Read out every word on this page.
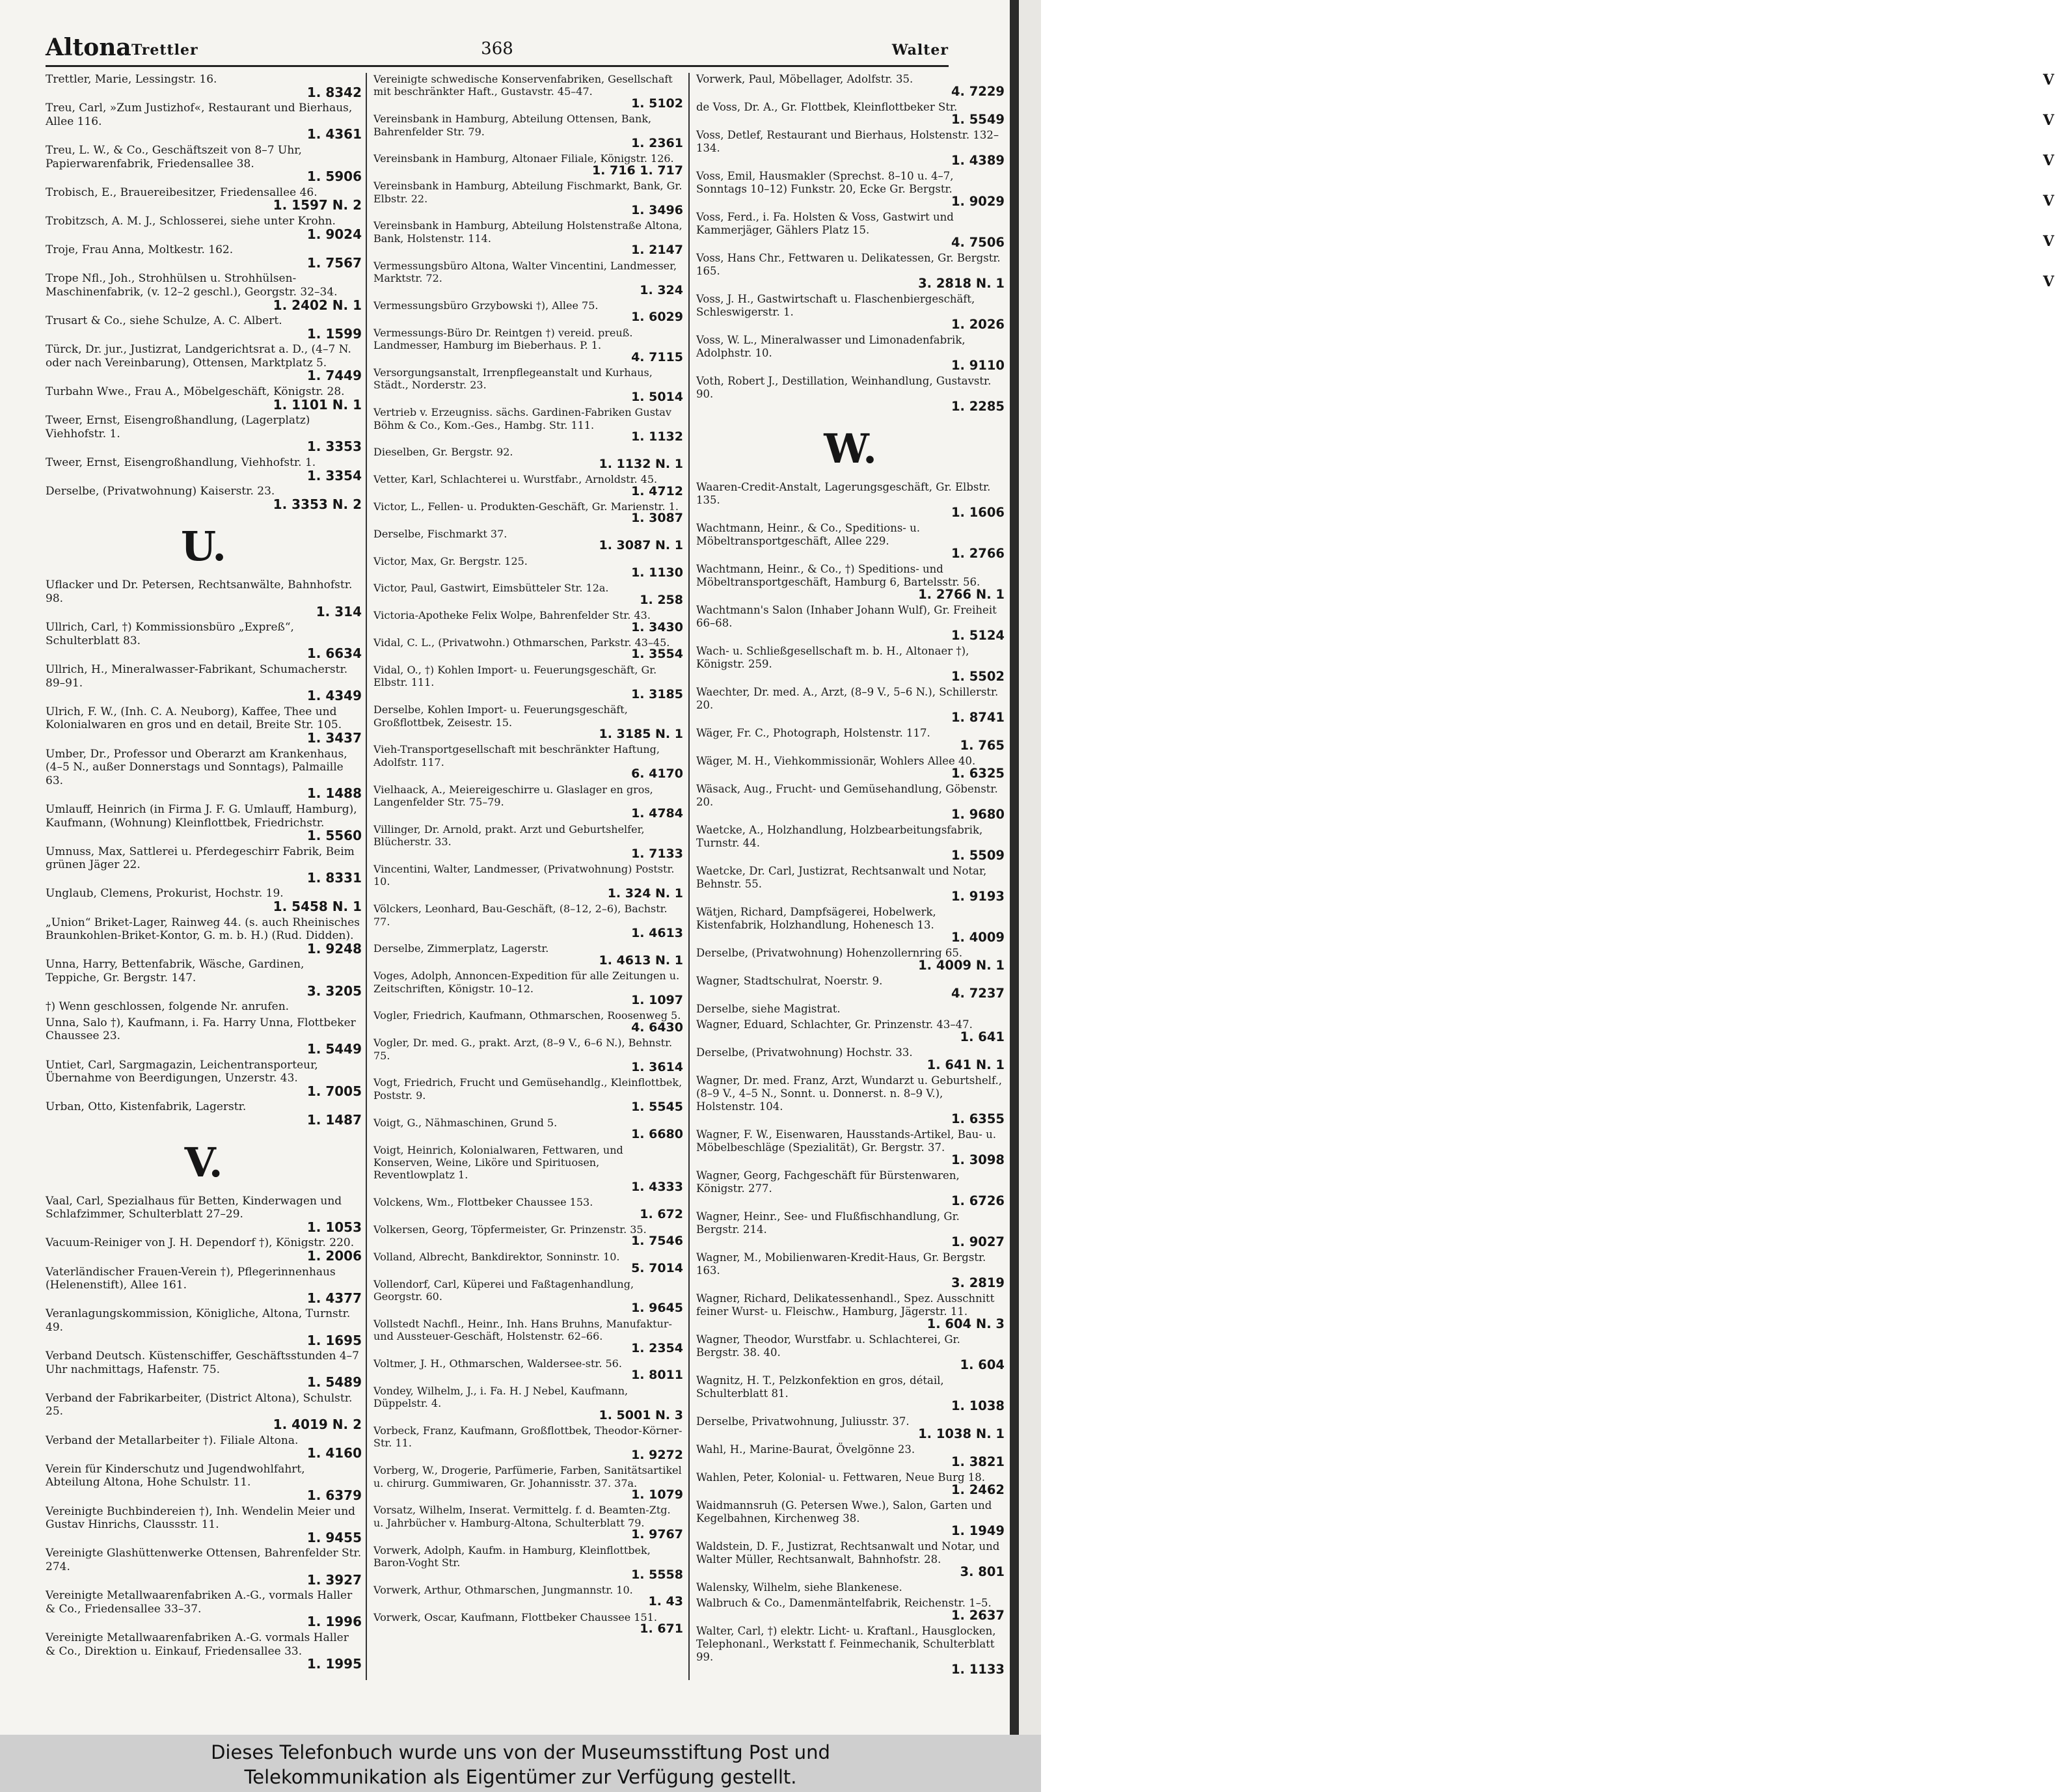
V
V
V
V
V
V
Altona Trettler	368	Walter
Trettler, Marie, Lessingstr. 16.
1. 8342
Treu, Carl, »Zum Justizhof«, Restaurant und Bierhaus, Allee 116.
1. 4361
Treu, L. W., & Co., Geschäftszeit von 8–7 Uhr, Papierwarenfabrik, Friedensallee 38.
1. 5906
Trobisch, E., Brauereibesitzer, Friedensallee 46.
1. 1597 N. 2
Trobitzsch, A. M. J., Schlosserei, siehe unter Krohn.
1. 9024
Troje, Frau Anna, Moltkestr. 162.
1. 7567
Trope Nfl., Joh., Strohhülsen u. Strohhülsen-Maschinenfabrik, (v. 12–2 geschl.), Georgstr. 32–34.
1. 2402 N. 1
Trusart & Co., siehe Schulze, A. C. Albert.
1. 1599
Türck, Dr. jur., Justizrat, Landgerichtsrat a. D., (4–7 N. oder nach Vereinbarung), Ottensen, Marktplatz 5.
1. 7449
Turbahn Wwe., Frau A., Möbelgeschäft, Königstr. 28.
1. 1101 N. 1
Tweer, Ernst, Eisengroßhandlung, (Lagerplatz) Viehhofstr. 1.
1. 3353
Tweer, Ernst, Eisengroßhandlung, Viehhofstr. 1.
1. 3354
Derselbe, (Privatwohnung) Kaiserstr. 23.
1. 3353 N. 2
U.
Uflacker und Dr. Petersen, Rechtsanwälte, Bahnhofstr. 98.
1. 314
Ullrich, Carl, †) Kommissionsbüro „Expreß“, Schulterblatt 83.
1. 6634
Ullrich, H., Mineralwasser-Fabrikant, Schumacherstr. 89–91.
1. 4349
Ulrich, F. W., (Inh. C. A. Neuborg), Kaffee, Thee und Kolonialwaren en gros und en detail, Breite Str. 105.
1. 3437
Umber, Dr., Professor und Oberarzt am Krankenhaus, (4–5 N., außer Donnerstags und Sonntags), Palmaille 63.
1. 1488
Umlauff, Heinrich (in Firma J. F. G. Umlauff, Hamburg), Kaufmann, (Wohnung) Kleinflottbek, Friedrichstr.
1. 5560
Umnuss, Max, Sattlerei u. Pferdegeschirr Fabrik, Beim grünen Jäger 22.
1. 8331
Unglaub, Clemens, Prokurist, Hochstr. 19.
1. 5458 N. 1
„Union“ Briket-Lager, Rainweg 44. (s. auch Rheinisches Braunkohlen-Briket-Kontor, G. m. b. H.) (Rud. Didden).
1. 9248
Unna, Harry, Bettenfabrik, Wäsche, Gardinen, Teppiche, Gr. Bergstr. 147.
3. 3205
†) Wenn geschlossen, folgende Nr. anrufen.
Unna, Salo †), Kaufmann, i. Fa. Harry Unna, Flottbeker Chaussee 23.
1. 5449
Untiet, Carl, Sargmagazin, Leichentransporteur, Übernahme von Beerdigungen, Unzerstr. 43.
1. 7005
Urban, Otto, Kistenfabrik, Lagerstr.
1. 1487
V.
Vaal, Carl, Spezialhaus für Betten, Kinderwagen und Schlafzimmer, Schulterblatt 27–29.
1. 1053
Vacuum-Reiniger von J. H. Dependorf †), Königstr. 220.
1. 2006
Vaterländischer Frauen-Verein †), Pflegerinnenhaus (Helenenstift), Allee 161.
1. 4377
Veranlagungskommission, Königliche, Altona, Turnstr. 49.
1. 1695
Verband Deutsch. Küstenschiffer, Geschäftsstunden 4–7 Uhr nachmittags, Hafenstr. 75.
1. 5489
Verband der Fabrikarbeiter, (District Altona), Schulstr. 25.
1. 4019 N. 2
Verband der Metallarbeiter †). Filiale Altona.
1. 4160
Verein für Kinderschutz und Jugendwohlfahrt, Abteilung Altona, Hohe Schulstr. 11.
1. 6379
Vereinigte Buchbindereien †), Inh. Wendelin Meier und Gustav Hinrichs, Claussstr. 11.
1. 9455
Vereinigte Glashüttenwerke Ottensen, Bahrenfelder Str. 274.
1. 3927
Vereinigte Metallwaarenfabriken A.-G., vormals Haller & Co., Friedensallee 33–37.
1. 1996
Vereinigte Metallwaarenfabriken A.-G. vormals Haller & Co., Direktion u. Einkauf, Friedensallee 33.
1. 1995
Vereinigte schwedische Konservenfabriken, Gesellschaft mit beschränkter Haft., Gustavstr. 45–47.
1. 5102
Vereinsbank in Hamburg, Abteilung Ottensen, Bank, Bahrenfelder Str. 79.
1. 2361
Vereinsbank in Hamburg, Altonaer Filiale, Königstr. 126.
1. 716 1. 717
Vereinsbank in Hamburg, Abteilung Fischmarkt, Bank, Gr. Elbstr. 22.
1. 3496
Vereinsbank in Hamburg, Abteilung Holstenstraße Altona, Bank, Holstenstr. 114.
1. 2147
Vermessungsbüro Altona, Walter Vincentini, Landmesser, Marktstr. 72.
1. 324
Vermessungsbüro Grzybowski †), Allee 75.
1. 6029
Vermessungs-Büro Dr. Reintgen †) vereid. preuß. Landmesser, Hamburg im Bieberhaus. P. 1.
4. 7115
Versorgungsanstalt, Irrenpflegeanstalt und Kurhaus, Städt., Norderstr. 23.
1. 5014
Vertrieb v. Erzeugniss. sächs. Gardinen-Fabriken Gustav Böhm & Co., Kom.-Ges., Hambg. Str. 111.
1. 1132
Dieselben, Gr. Bergstr. 92.
1. 1132 N. 1
Vetter, Karl, Schlachterei u. Wurstfabr., Arnoldstr. 45.
1. 4712
Victor, L., Fellen- u. Produkten-Geschäft, Gr. Marienstr. 1.
1. 3087
Derselbe, Fischmarkt 37.
1. 3087 N. 1
Victor, Max, Gr. Bergstr. 125.
1. 1130
Victor, Paul, Gastwirt, Eimsbütteler Str. 12a.
1. 258
Victoria-Apotheke Felix Wolpe, Bahrenfelder Str. 43.
1. 3430
Vidal, C. L., (Privatwohn.) Othmarschen, Parkstr. 43–45.
1. 3554
Vidal, O., †) Kohlen Import- u. Feuerungsgeschäft, Gr. Elbstr. 111.
1. 3185
Derselbe, Kohlen Import- u. Feuerungsgeschäft, Großflottbek, Zeisestr. 15.
1. 3185 N. 1
Vieh-Transportgesellschaft mit beschränkter Haftung, Adolfstr. 117.
6. 4170
Vielhaack, A., Meiereigeschirre u. Glaslager en gros, Langenfelder Str. 75–79.
1. 4784
Villinger, Dr. Arnold, prakt. Arzt und Geburtshelfer, Blücherstr. 33.
1. 7133
Vincentini, Walter, Landmesser, (Privatwohnung) Poststr. 10.
1. 324 N. 1
Völckers, Leonhard, Bau-Geschäft, (8–12, 2–6), Bachstr. 77.
1. 4613
Derselbe, Zimmerplatz, Lagerstr.
1. 4613 N. 1
Voges, Adolph, Annoncen-Expedition für alle Zeitungen u. Zeitschriften, Königstr. 10–12.
1. 1097
Vogler, Friedrich, Kaufmann, Othmarschen, Roosenweg 5.
4. 6430
Vogler, Dr. med. G., prakt. Arzt, (8–9 V., 6–6 N.), Behnstr. 75.
1. 3614
Vogt, Friedrich, Frucht und Gemüsehandlg., Kleinflottbek, Poststr. 9.
1. 5545
Voigt, G., Nähmaschinen, Grund 5.
1. 6680
Voigt, Heinrich, Kolonialwaren, Fettwaren, und Konserven, Weine, Liköre und Spirituosen, Reventlowplatz 1.
1. 4333
Volckens, Wm., Flottbeker Chaussee 153.
1. 672
Volkersen, Georg, Töpfermeister, Gr. Prinzenstr. 35.
1. 7546
Volland, Albrecht, Bankdirektor, Sonninstr. 10.
5. 7014
Vollendorf, Carl, Küperei und Faßtagenhandlung, Georgstr. 60.
1. 9645
Vollstedt Nachfl., Heinr., Inh. Hans Bruhns, Manufaktur- und Aussteuer-Geschäft, Holstenstr. 62–66.
1. 2354
Voltmer, J. H., Othmarschen, Waldersee-str. 56.
1. 8011
Vondey, Wilhelm, J., i. Fa. H. J Nebel, Kaufmann, Düppelstr. 4.
1. 5001 N. 3
Vorbeck, Franz, Kaufmann, Großflottbek, Theodor-Körner-Str. 11.
1. 9272
Vorberg, W., Drogerie, Parfümerie, Farben, Sanitätsartikel u. chirurg. Gummiwaren, Gr. Johannisstr. 37. 37a.
1. 1079
Vorsatz, Wilhelm, Inserat. Vermittelg. f. d. Beamten-Ztg. u. Jahrbücher v. Hamburg-Altona, Schulterblatt 79.
1. 9767
Vorwerk, Adolph, Kaufm. in Hamburg, Kleinflottbek, Baron-Voght Str.
1. 5558
Vorwerk, Arthur, Othmarschen, Jungmannstr. 10.
1. 43
Vorwerk, Oscar, Kaufmann, Flottbeker Chaussee 151.
1. 671
Vorwerk, Paul, Möbellager, Adolfstr. 35.
4. 7229
de Voss, Dr. A., Gr. Flottbek, Kleinflottbeker Str.
1. 5549
Voss, Detlef, Restaurant und Bierhaus, Holstenstr. 132–134.
1. 4389
Voss, Emil, Hausmakler (Sprechst. 8–10 u. 4–7, Sonntags 10–12) Funkstr. 20, Ecke Gr. Bergstr.
1. 9029
Voss, Ferd., i. Fa. Holsten & Voss, Gastwirt und Kammerjäger, Gählers Platz 15.
4. 7506
Voss, Hans Chr., Fettwaren u. Delikatessen, Gr. Bergstr. 165.
3. 2818 N. 1
Voss, J. H., Gastwirtschaft u. Flaschenbiergeschäft, Schleswigerstr. 1.
1. 2026
Voss, W. L., Mineralwasser und Limonadenfabrik, Adolphstr. 10.
1. 9110
Voth, Robert J., Destillation, Weinhandlung, Gustavstr. 90.
1. 2285
W.
Waaren-Credit-Anstalt, Lagerungsgeschäft, Gr. Elbstr. 135.
1. 1606
Wachtmann, Heinr., & Co., Speditions- u. Möbeltransportgeschäft, Allee 229.
1. 2766
Wachtmann, Heinr., & Co., †) Speditions- und Möbeltransportgeschäft, Hamburg 6, Bartelsstr. 56.
1. 2766 N. 1
Wachtmann's Salon (Inhaber Johann Wulf), Gr. Freiheit 66–68.
1. 5124
Wach- u. Schließgesellschaft m. b. H., Altonaer †), Königstr. 259.
1. 5502
Waechter, Dr. med. A., Arzt, (8–9 V., 5–6 N.), Schillerstr. 20.
1. 8741
Wäger, Fr. C., Photograph, Holstenstr. 117.
1. 765
Wäger, M. H., Viehkommissionär, Wohlers Allee 40.
1. 6325
Wäsack, Aug., Frucht- und Gemüsehandlung, Göbenstr. 20.
1. 9680
Waetcke, A., Holzhandlung, Holzbearbeitungsfabrik, Turnstr. 44.
1. 5509
Waetcke, Dr. Carl, Justizrat, Rechtsanwalt und Notar, Behnstr. 55.
1. 9193
Wätjen, Richard, Dampfsägerei, Hobelwerk, Kistenfabrik, Holzhandlung, Hohenesch 13.
1. 4009
Derselbe, (Privatwohnung) Hohenzollernring 65.
1. 4009 N. 1
Wagner, Stadtschulrat, Noerstr. 9.
4. 7237
Derselbe, siehe Magistrat.
Wagner, Eduard, Schlachter, Gr. Prinzenstr. 43–47.
1. 641
Derselbe, (Privatwohnung) Hochstr. 33.
1. 641 N. 1
Wagner, Dr. med. Franz, Arzt, Wundarzt u. Geburtshelf., (8–9 V., 4–5 N., Sonnt. u. Donnerst. n. 8–9 V.), Holstenstr. 104.
1. 6355
Wagner, F. W., Eisenwaren, Hausstands-Artikel, Bau- u. Möbelbeschläge (Spezialität), Gr. Bergstr. 37.
1. 3098
Wagner, Georg, Fachgeschäft für Bürstenwaren, Königstr. 277.
1. 6726
Wagner, Heinr., See- und Flußfischhandlung, Gr. Bergstr. 214.
1. 9027
Wagner, M., Mobilienwaren-Kredit-Haus, Gr. Bergstr. 163.
3. 2819
Wagner, Richard, Delikatessenhandl., Spez. Ausschnitt feiner Wurst- u. Fleischw., Hamburg, Jägerstr. 11.
1. 604 N. 3
Wagner, Theodor, Wurstfabr. u. Schlachterei, Gr. Bergstr. 38. 40.
1. 604
Wagnitz, H. T., Pelzkonfektion en gros, détail, Schulterblatt 81.
1. 1038
Derselbe, Privatwohnung, Juliusstr. 37.
1. 1038 N. 1
Wahl, H., Marine-Baurat, Övelgönne 23.
1. 3821
Wahlen, Peter, Kolonial- u. Fettwaren, Neue Burg 18.
1. 2462
Waidmannsruh (G. Petersen Wwe.), Salon, Garten und Kegelbahnen, Kirchenweg 38.
1. 1949
Waldstein, D. F., Justizrat, Rechtsanwalt und Notar, und Walter Müller, Rechtsanwalt, Bahnhofstr. 28.
3. 801
Walensky, Wilhelm, siehe Blankenese.
Walbruch & Co., Damenmäntelfabrik, Reichenstr. 1–5.
1. 2637
Walter, Carl, †) elektr. Licht- u. Kraftanl., Hausglocken, Telephonanl., Werkstatt f. Feinmechanik, Schulterblatt 99.
1. 1133
Dieses Telefonbuch wurde uns von der Museumsstiftung Post und
Telekommunikation als Eigentümer zur Verfügung gestellt.
